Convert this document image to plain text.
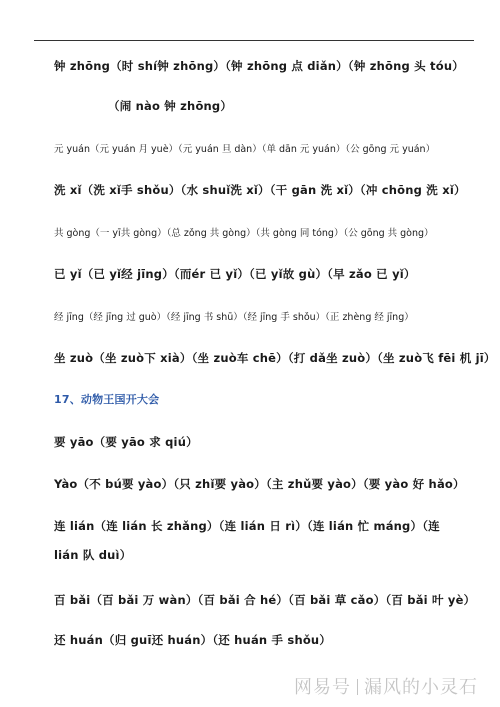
钟 zhōng（时 shí钟 zhōng）（钟 zhōng 点 diǎn）（钟 zhōng 头 tóu）
（闹 nào 钟 zhōng）
元 yuán（元 yuán 月 yuè）（元 yuán 旦 dàn）（单 dān 元 yuán）（公 gōng 元 yuán）
洗 xǐ（洗 xǐ手 shǒu）（水 shuǐ洗 xǐ）（干 gān 洗 xǐ）（冲 chōng 洗 xǐ）
共 gòng（一 yī共 gòng）（总 zǒng 共 gòng）（共 gòng 同 tóng）（公 gōng 共 gòng）
已 yǐ（已 yǐ经 jīng）（而ér 已 yǐ）（已 yǐ故 gù）（早 zǎo 已 yǐ）
经 jīng（经 jīng 过 guò）（经 jīng 书 shū）（经 jīng 手 shǒu）（正 zhèng 经 jīng）
坐 zuò（坐 zuò下 xià）（坐 zuò车 chē）（打 dǎ坐 zuò）（坐 zuò飞 fēi 机 jī）
17、动物王国开大会
要 yāo（要 yāo 求 qiú）
Yào（不 bú要 yào）（只 zhǐ要 yào）（主 zhǔ要 yào）（要 yào 好 hǎo）
连 lián（连 lián 长 zhǎng）（连 lián 日 rì）（连 lián 忙 máng）（连 lián 队 duì）
百 bǎi（百 bǎi 万 wàn）（百 bǎi 合 hé）（百 bǎi 草 cǎo）（百 bǎi 叶 yè）
还 huán（归 guī还 huán）（还 huán 手 shǒu）
网易号 漏风的小灵石
